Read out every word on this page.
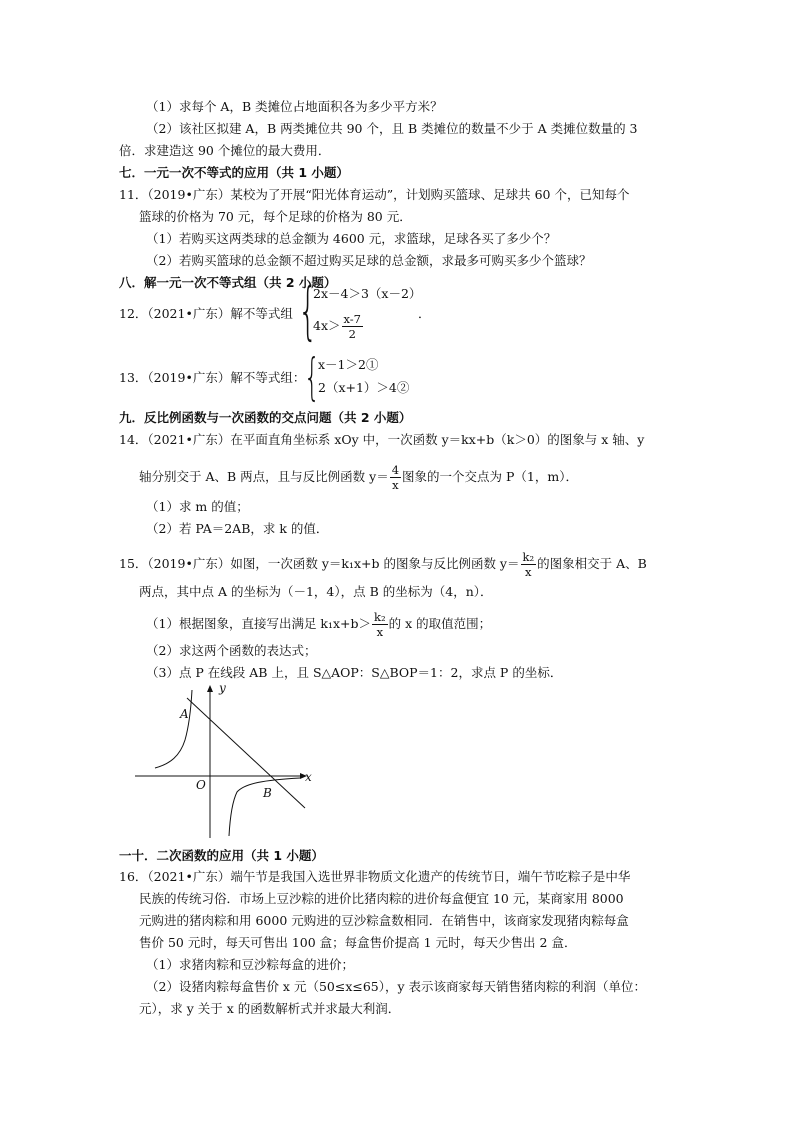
（1）求每个 A，B 类摊位占地面积各为多少平方米？
（2）该社区拟建 A，B 两类摊位共 90 个，且 B 类摊位的数量不少于 A 类摊位数量的 3
倍．求建造这 90 个摊位的最大费用．
七．一元一次不等式的应用（共 1 小题）
11．（2019•广东）某校为了开展“阳光体育运动”，计划购买篮球、足球共 60 个，已知每个
篮球的价格为 70 元，每个足球的价格为 80 元．
（1）若购买这两类球的总金额为 4600 元，求篮球，足球各买了多少个？
（2）若购买篮球的总金额不超过购买足球的总金额，求最多可购买多少个篮球？
八．解一元一次不等式组（共 2 小题）
12．（2021•广东）解不等式组 {
2x－4＞3（x－2）
$4x> \frac{x-7}{2}$	．
13．（2019•广东）解不等式组：
{
x－1＞2①
2（x+1）＞4②
九．反比例函数与一次函数的交点问题（共 2 小题）
14．（2021•广东）在平面直角坐标系 xOy 中，一次函数 y＝kx+b（k＞0）的图象与 x 轴、y
轴分别交于 A、B 两点，且与反比例函数 $y= \frac{4}{x}$ 图象的一个交点为 P（1，m）．
（1）求 m 的值；
（2）若 PA＝2AB，求 k 的值．
15．（2019•广东）如图，一次函数 y＝k₁x+b 的图象与反比例函数 $y= \frac{\text{k₂}}{x}$ 的图象相交于 A、B
两点，其中点 A 的坐标为（－1，4），点 B 的坐标为（4，n）．
（1）根据图象，直接写出满足 $k_1x+b> \frac{\text{k₂}}{x}$ 的 x 的取值范围；
（2）求这两个函数的表达式；
（3）点 P 在线段 AB 上，且 S△AOP：S△BOP＝1：2，求点 P 的坐标．
y
x
A
O
B
一十．二次函数的应用（共 1 小题）
16．（2021•广东）端午节是我国入选世界非物质文化遗产的传统节日，端午节吃粽子是中华
民族的传统习俗．市场上豆沙粽的进价比猪肉粽的进价每盒便宜 10 元，某商家用 8000
元购进的猪肉粽和用 6000 元购进的豆沙粽盒数相同．在销售中，该商家发现猪肉粽每盒
售价 50 元时，每天可售出 100 盒；每盒售价提高 1 元时，每天少售出 2 盒．
（1）求猪肉粽和豆沙粽每盒的进价；
（2）设猪肉粽每盒售价 x 元（50≤x≤65），y 表示该商家每天销售猪肉粽的利润（单位：
元），求 y 关于 x 的函数解析式并求最大利润．
